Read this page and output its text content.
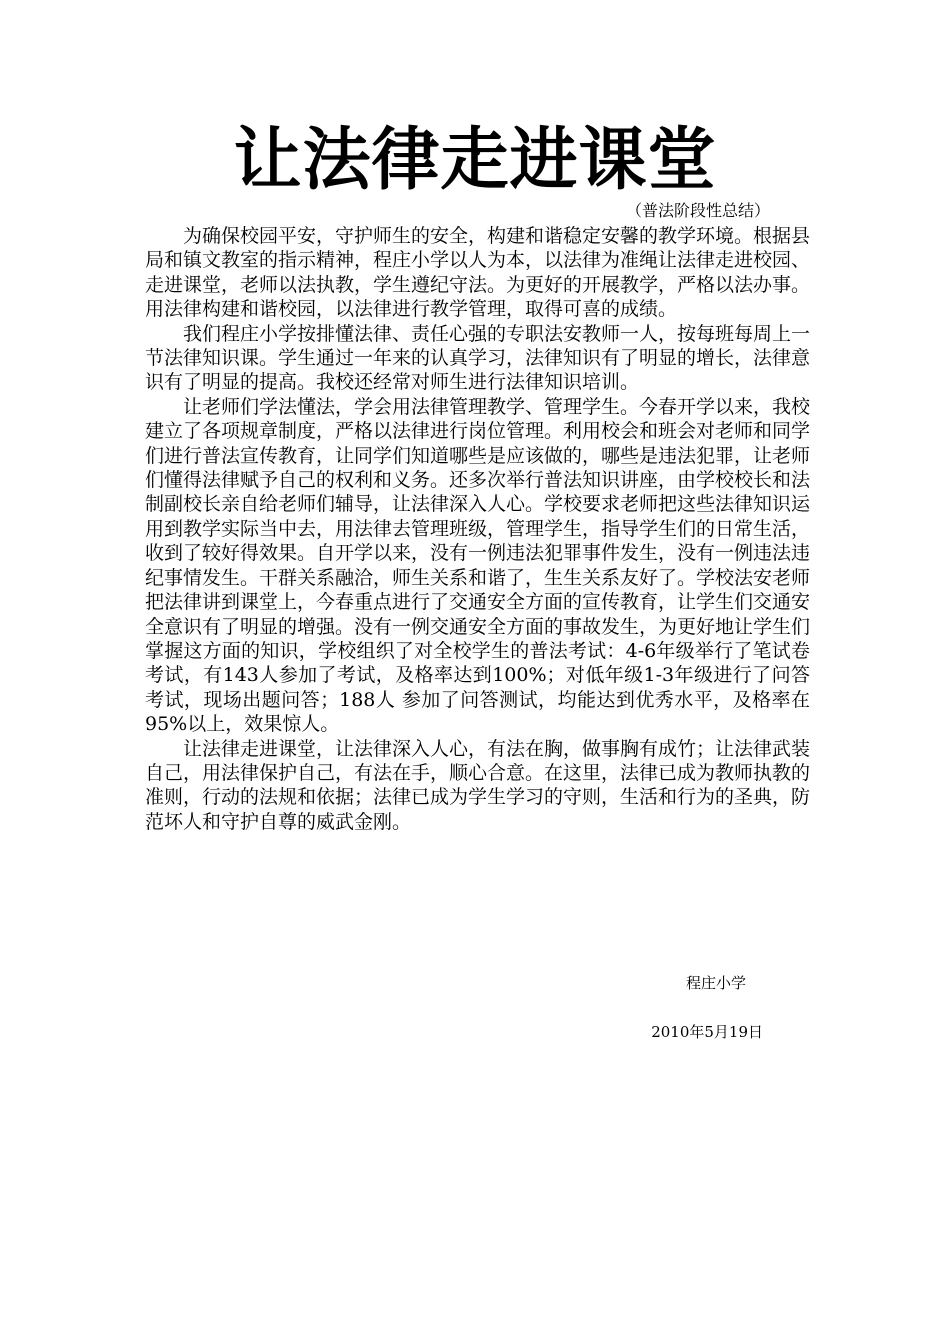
让法律走进课堂
（普法阶段性总结）

为确保校园平安，守护师生的安全，构建和谐稳定安馨的教学环境。根据县局和镇文教室的指示精神，程庄小学以人为本，以法律为准绳让法律走进校园、走进课堂，老师以法执教，学生遵纪守法。为更好的开展教学，严格以法办事。用法律构建和谐校园，以法律进行教学管理，取得可喜的成绩。

我们程庄小学按排懂法律、责任心强的专职法安教师一人，按每班每周上一节法律知识课。学生通过一年来的认真学习，法律知识有了明显的增长，法律意识有了明显的提高。我校还经常对师生进行法律知识培训。

让老师们学法懂法，学会用法律管理教学、管理学生。今春开学以来，我校建立了各项规章制度，严格以法律进行岗位管理。利用校会和班会对老师和同学们进行普法宣传教育，让同学们知道哪些是应该做的，哪些是违法犯罪，让老师们懂得法律赋予自己的权利和义务。还多次举行普法知识讲座，由学校校长和法制副校长亲自给老师们辅导，让法律深入人心。学校要求老师把这些法律知识运用到教学实际当中去，用法律去管理班级，管理学生，指导学生们的日常生活，收到了较好得效果。自开学以来，没有一例违法犯罪事件发生，没有一例违法违纪事情发生。干群关系融洽，师生关系和谐了，生生关系友好了。学校法安老师把法律讲到课堂上，今春重点进行了交通安全方面的宣传教育，让学生们交通安全意识有了明显的增强。没有一例交通安全方面的事故发生，为更好地让学生们掌握这方面的知识，学校组织了对全校学生的普法考试：4-6年级举行了笔试卷考试，有143人参加了考试，及格率达到100%；对低年级1-3年级进行了问答考试，现场出题问答；188人 参加了问答测试，均能达到优秀水平，及格率在95%以上，效果惊人。

让法律走进课堂，让法律深入人心，有法在胸，做事胸有成竹；让法律武装自己，用法律保护自己，有法在手，顺心合意。在这里，法律已成为教师执教的准则，行动的法规和依据；法律已成为学生学习的守则，生活和行为的圣典，防范坏人和守护自尊的威武金刚。

程庄小学
2010年5月19日
